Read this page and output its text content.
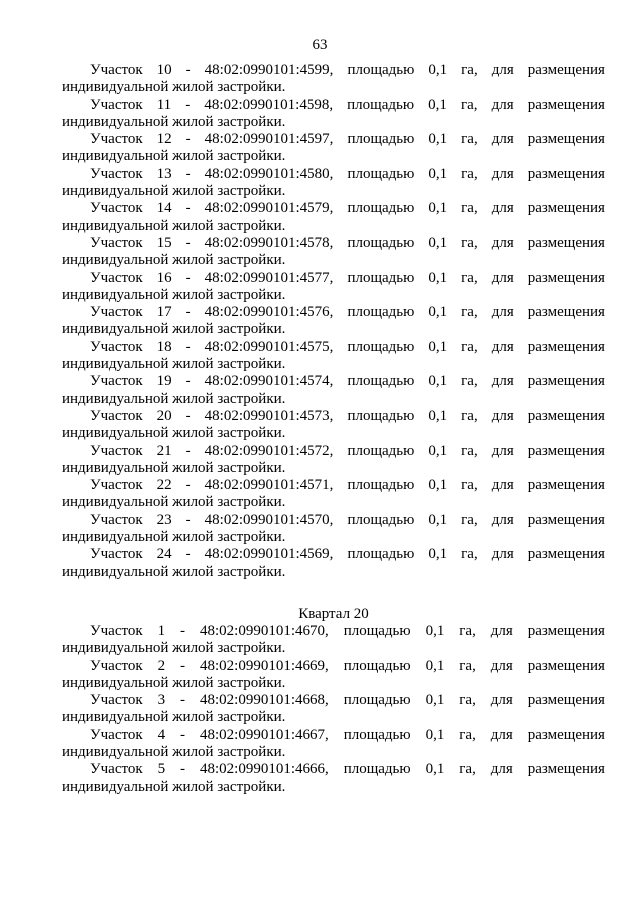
63
Участок 10 - 48:02:0990101:4599, площадью 0,1 га, для размещения
индивидуальной жилой застройки.
Участок 11 - 48:02:0990101:4598, площадью 0,1 га, для размещения
индивидуальной жилой застройки.
Участок 12 - 48:02:0990101:4597, площадью 0,1 га, для размещения
индивидуальной жилой застройки.
Участок 13 - 48:02:0990101:4580, площадью 0,1 га, для размещения
индивидуальной жилой застройки.
Участок 14 - 48:02:0990101:4579, площадью 0,1 га, для размещения
индивидуальной жилой застройки.
Участок 15 - 48:02:0990101:4578, площадью 0,1 га, для размещения
индивидуальной жилой застройки.
Участок 16 - 48:02:0990101:4577, площадью 0,1 га, для размещения
индивидуальной жилой застройки.
Участок 17 - 48:02:0990101:4576, площадью 0,1 га, для размещения
индивидуальной жилой застройки.
Участок 18 - 48:02:0990101:4575, площадью 0,1 га, для размещения
индивидуальной жилой застройки.
Участок 19 - 48:02:0990101:4574, площадью 0,1 га, для размещения
индивидуальной жилой застройки.
Участок 20 - 48:02:0990101:4573, площадью 0,1 га, для размещения
индивидуальной жилой застройки.
Участок 21 - 48:02:0990101:4572, площадью 0,1 га, для размещения
индивидуальной жилой застройки.
Участок 22 - 48:02:0990101:4571, площадью 0,1 га, для размещения
индивидуальной жилой застройки.
Участок 23 - 48:02:0990101:4570, площадью 0,1 га, для размещения
индивидуальной жилой застройки.
Участок 24 - 48:02:0990101:4569, площадью 0,1 га, для размещения
индивидуальной жилой застройки.
Квартал 20
Участок 1 - 48:02:0990101:4670, площадью 0,1 га, для размещения
индивидуальной жилой застройки.
Участок 2 - 48:02:0990101:4669, площадью 0,1 га, для размещения
индивидуальной жилой застройки.
Участок 3 - 48:02:0990101:4668, площадью 0,1 га, для размещения
индивидуальной жилой застройки.
Участок 4 - 48:02:0990101:4667, площадью 0,1 га, для размещения
индивидуальной жилой застройки.
Участок 5 - 48:02:0990101:4666, площадью 0,1 га, для размещения
индивидуальной жилой застройки.
